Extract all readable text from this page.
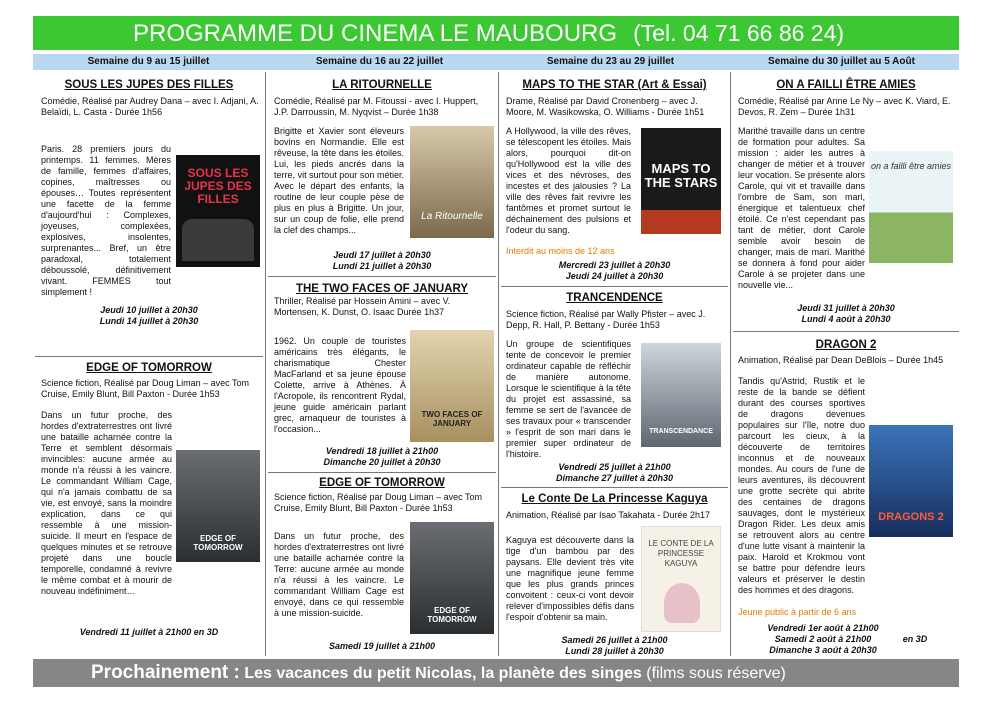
PROGRAMME DU CINEMA LE MAUBOURG (Tel. 04 71 66 86 24)
Semaine du 9 au 15 juillet	Semaine du 16 au 22 juillet	Semaine du 23 au 29 juillet	Semaine du 30 juillet au 5 Août
SOUS LES JUPES DES FILLES
Comédie, Réalisé par Audrey Dana – avec I. Adjani, A. Belaïdi, L. Casta - Durée 1h56
Paris. 28 premiers jours du printemps. 11 femmes. Mères de famille, femmes d'affaires, copines, maîtresses ou épouses… Toutes représentent une facette de la femme d'aujourd'hui : Complexes, joyeuses, complexées, explosives, insolentes, surprenantes... Bref, un être paradoxal, totalement déboussolé, définitivement vivant. FEMMES tout simplement !
SOUS LES JUPES DES FILLES
Jeudi 10 juillet à 20h30
Lundi 14 juillet à 20h30
EDGE OF TOMORROW
Science fiction, Réalisé par Doug Liman – avec Tom Cruise, Emily Blunt, Bill Paxton - Durée 1h53
Dans un futur proche, des hordes d'extraterrestres ont livré une bataille acharnée contre la Terre et semblent désormais invincibles: aucune armée au monde n'a réussi à les vaincre. Le commandant William Cage, qui n'a jamais combattu de sa vie, est envoyé, sans la moindre explication, dans ce qui ressemble à une mission-suicide. Il meurt en l'espace de quelques minutes et se retrouve projeté dans une boucle temporelle, condamné à revivre le même combat et à mourir de nouveau indéfiniment…
EDGE OF TOMORROW
Vendredi 11 juillet à 21h00 en 3D
LA RITOURNELLE
Comédie, Réalisé par M. Fitoussi - avec I. Huppert, J.P. Darroussin, M. Nyqvist – Durée 1h38
Brigitte et Xavier sont éleveurs bovins en Normandie. Elle est rêveuse, la tête dans les étoiles. Lui, les pieds ancrés dans la terre, vit surtout pour son métier. Avec le départ des enfants, la routine de leur couple pèse de plus en plus à Brigitte. Un jour, sur un coup de folie, elle prend la clef des champs...
La Ritournelle
Jeudi 17 juillet à 20h30
Lundi 21 juillet à 20h30
THE TWO FACES OF JANUARY
Thriller, Réalisé par Hossein Amini – avec V. Mortensen, K. Dunst, O. Isaac Durée 1h37
1962. Un couple de touristes américains très élégants, le charismatique Chester MacFarland et sa jeune épouse Colette, arrive à Athènes. À l'Acropole, ils rencontrent Rydal, jeune guide américain parlant grec, arnaqueur de touristes à l'occasion...
TWO FACES OF JANUARY
Vendredi 18 juillet à 21h00
Dimanche 20 juillet à 20h30
EDGE OF TOMORROW
Science fiction, Réalisé par Doug Liman – avec Tom Cruise, Emily Blunt, Bill Paxton - Durée 1h53
Dans un futur proche, des hordes d'extraterrestres ont livré une bataille acharnée contre la Terre: aucune armée au monde n'a réussi à les vaincre. Le commandant William Cage est envoyé, dans ce qui ressemble à une mission-suicide.	EDGE OF TOMORROW
Samedi 19 juillet à 21h00
MAPS TO THE STAR (Art & Essai)
Drame, Réalisé par David Cronenberg – avec J. Moore, M. Wasikowska, O. Williams - Durée 1h51
A Hollywood, la ville des rêves, se télescopent les étoiles. Mais alors, pourquoi dit-on qu'Hollywood est la ville des vices et des névroses, des incestes et des jalousies ? La ville des rêves fait revivre les fantômes et promet surtout le déchainement des pulsions et l'odeur du sang.
Interdit au moins de 12 ans
MAPS TO THE STARS
Mercredi 23 juillet à 20h30
Jeudi 24 juillet à 20h30
TRANCENDENCE
Science fiction, Réalisé par Wally Pfister – avec J. Depp, R. Hall, P. Bettany - Durée 1h53
Un groupe de scientifiques tente de concevoir le premier ordinateur capable de réfléchir de manière autonome. Lorsque le scientifique à la tête du projet est assassiné, sa femme se sert de l'avancée de ses travaux pour « transcender » l'esprit de son mari dans le premier super ordinateur de l'histoire.
TRANSCENDANCE
Vendredi 25 juillet à 21h00
Dimanche 27 juillet à 20h30
Le Conte De La Princesse Kaguya
Animation, Réalisé par Isao Takahata - Durée 2h17
Kaguya est découverte dans la tige d'un bambou par des paysans. Elle devient très vite une magnifique jeune femme que les plus grands princes convoitent : ceux-ci vont devoir relever d'impossibles défis dans l'espoir d'obtenir sa main.
LE CONTE DE LA PRINCESSE KAGUYA
Samedi 26 juillet à 21h00
Lundi 28 juillet à 20h30
ON A FAILLI ÊTRE AMIES
Comédie, Réalisé par Anne Le Ny – avec K. Viard, E. Devos, R. Zem – Durée 1h31
Marithé travaille dans un centre de formation pour adultes. Sa mission : aider les autres à changer de métier et à trouver leur vocation. Se présente alors Carole, qui vit et travaille dans l'ombre de Sam, son mari, énergique et talentueux chef étoilé. Ce n'est cependant pas tant de métier, dont Carole semble avoir besoin de changer, mais de mari. Marithé se donnera à fond pour aider Carole à se projeter dans une nouvelle vie...
on a failli être amies
Jeudi 31 juillet à 20h30
Lundi 4 août à 20h30
DRAGON 2
Animation, Réalisé par Dean DeBlois – Durée 1h45
Tandis qu'Astrid, Rustik et le reste de la bande se défient durant des courses sportives de dragons devenues populaires sur l'île, notre duo parcourt les cieux, à la découverte de territoires inconnus et de nouveaux mondes. Au cours de l'une de leurs aventures, ils découvrent une grotte secrète qui abrite des centaines de dragons sauvages, dont le mystérieux Dragon Rider. Les deux amis se retrouvent alors au centre d'une lutte visant à maintenir la paix. Harold et Krokmou vont se battre pour défendre leurs valeurs et préserver le destin des hommes et des dragons.
Jeune public à partir de 6 ans
DRAGONS 2
Vendredi 1er août à 21h00
Samedi 2 août à 21h00
Dimanche 3 août à 20h30
en 3D
Prochainement : Les vacances du petit Nicolas, la planète des singes (films sous réserve)
